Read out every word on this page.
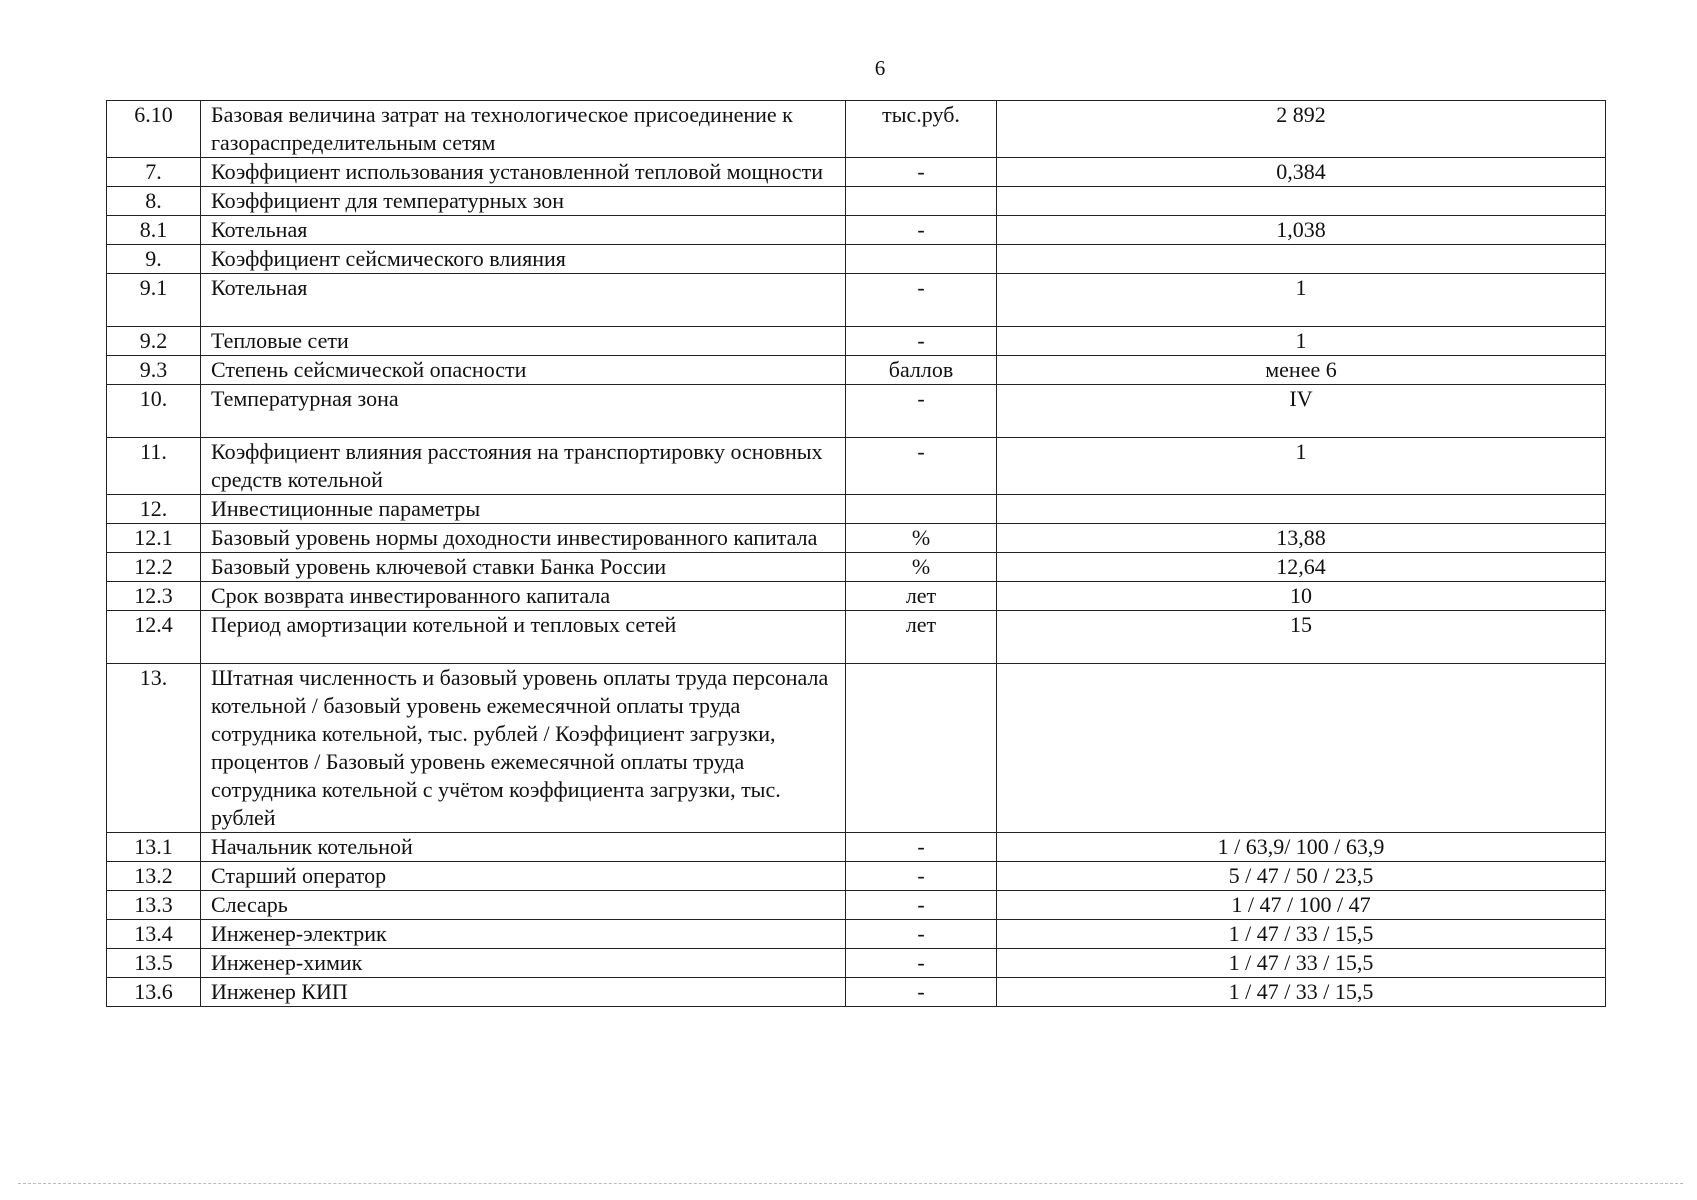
6
6.10	Базовая величина затрат на технологическое присоединение к газораспределительным сетям	тыс.руб.	2 892
7.	Коэффициент использования установленной тепловой мощности	-	0,384
8.	Коэффициент для температурных зон		
8.1	Котельная	-	1,038
9.	Коэффициент сейсмического влияния		
9.1	Котельная	-	1
9.2	Тепловые сети	-	1
9.3	Степень сейсмической опасности	баллов	менее 6
10.	Температурная зона	-	IV
11.	Коэффициент влияния расстояния на транспортировку основных средств котельной	-	1
12.	Инвестиционные параметры		
12.1	Базовый уровень нормы доходности инвестированного капитала	%	13,88
12.2	Базовый уровень ключевой ставки Банка России	%	12,64
12.3	Срок возврата инвестированного капитала	лет	10
12.4	Период амортизации котельной и тепловых сетей	лет	15
13.	Штатная численность и базовый уровень оплаты труда персонала котельной / базовый уровень ежемесячной оплаты труда сотрудника котельной, тыс. рублей / Коэффициент загрузки, процентов / Базовый уровень ежемесячной оплаты труда сотрудника котельной с учётом коэффициента загрузки, тыс. рублей		
13.1	Начальник котельной	-	1 / 63,9/ 100 / 63,9
13.2	Старший оператор	-	5 / 47 / 50 / 23,5
13.3	Слесарь	-	1 / 47 / 100 / 47
13.4	Инженер-электрик	-	1 / 47 / 33 / 15,5
13.5	Инженер-химик	-	1 / 47 / 33 / 15,5
13.6	Инженер КИП	-	1 / 47 / 33 / 15,5
